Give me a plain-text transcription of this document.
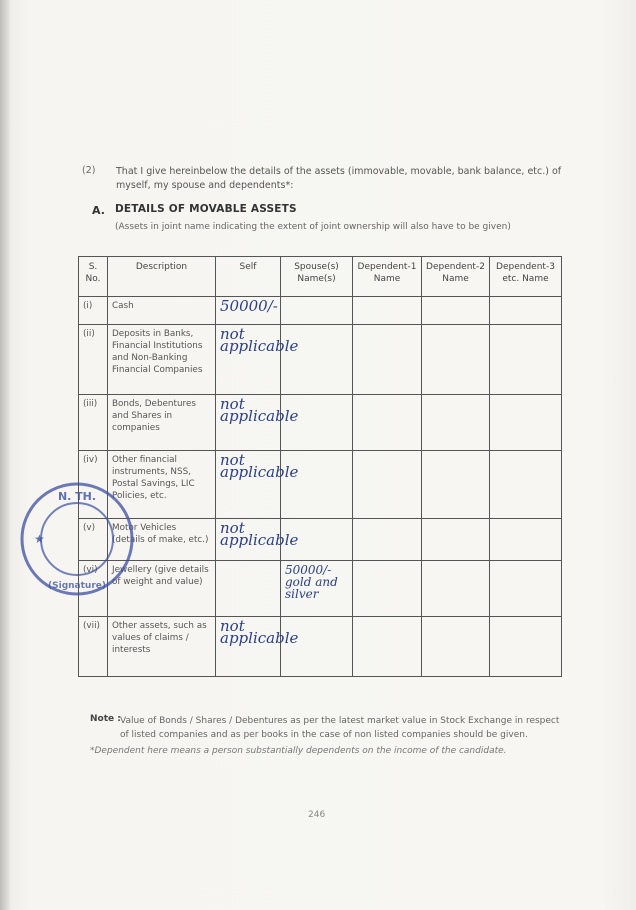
(2) That I give hereinbelow the details of the assets (immovable, movable, bank balance, etc.) of myself, my spouse and dependents*:
A. DETAILS OF MOVABLE ASSETS
(Assets in joint name indicating the extent of joint ownership will also have to be given)
S. No.	Description	Self	Spouse(s) Name(s)	Dependent-1 Name	Dependent-2 Name	Dependent-3 etc. Name
(i)	Cash	50000/-				
(ii)	Deposits in Banks, Financial Institutions and Non-Banking Financial Companies	not applicable				
(iii)	Bonds, Debentures and Shares in companies	not applicable				
(iv)	Other financial instruments, NSS, Postal Savings, LIC Policies, etc.	not applicable				
(v)	Motor Vehicles (details of make, etc.)	not applicable				
(vi)	Jewellery (give details of weight and value)		50000/- gold and silver			
(vii)	Other assets, such as values of claims / interests	not applicable				
N. TH.
(Signature)
★
Note : Value of Bonds / Shares / Debentures as per the latest market value in Stock Exchange in respect of listed companies and as per books in the case of non listed companies should be given.
*Dependent here means a person substantially dependents on the income of the candidate.
246
